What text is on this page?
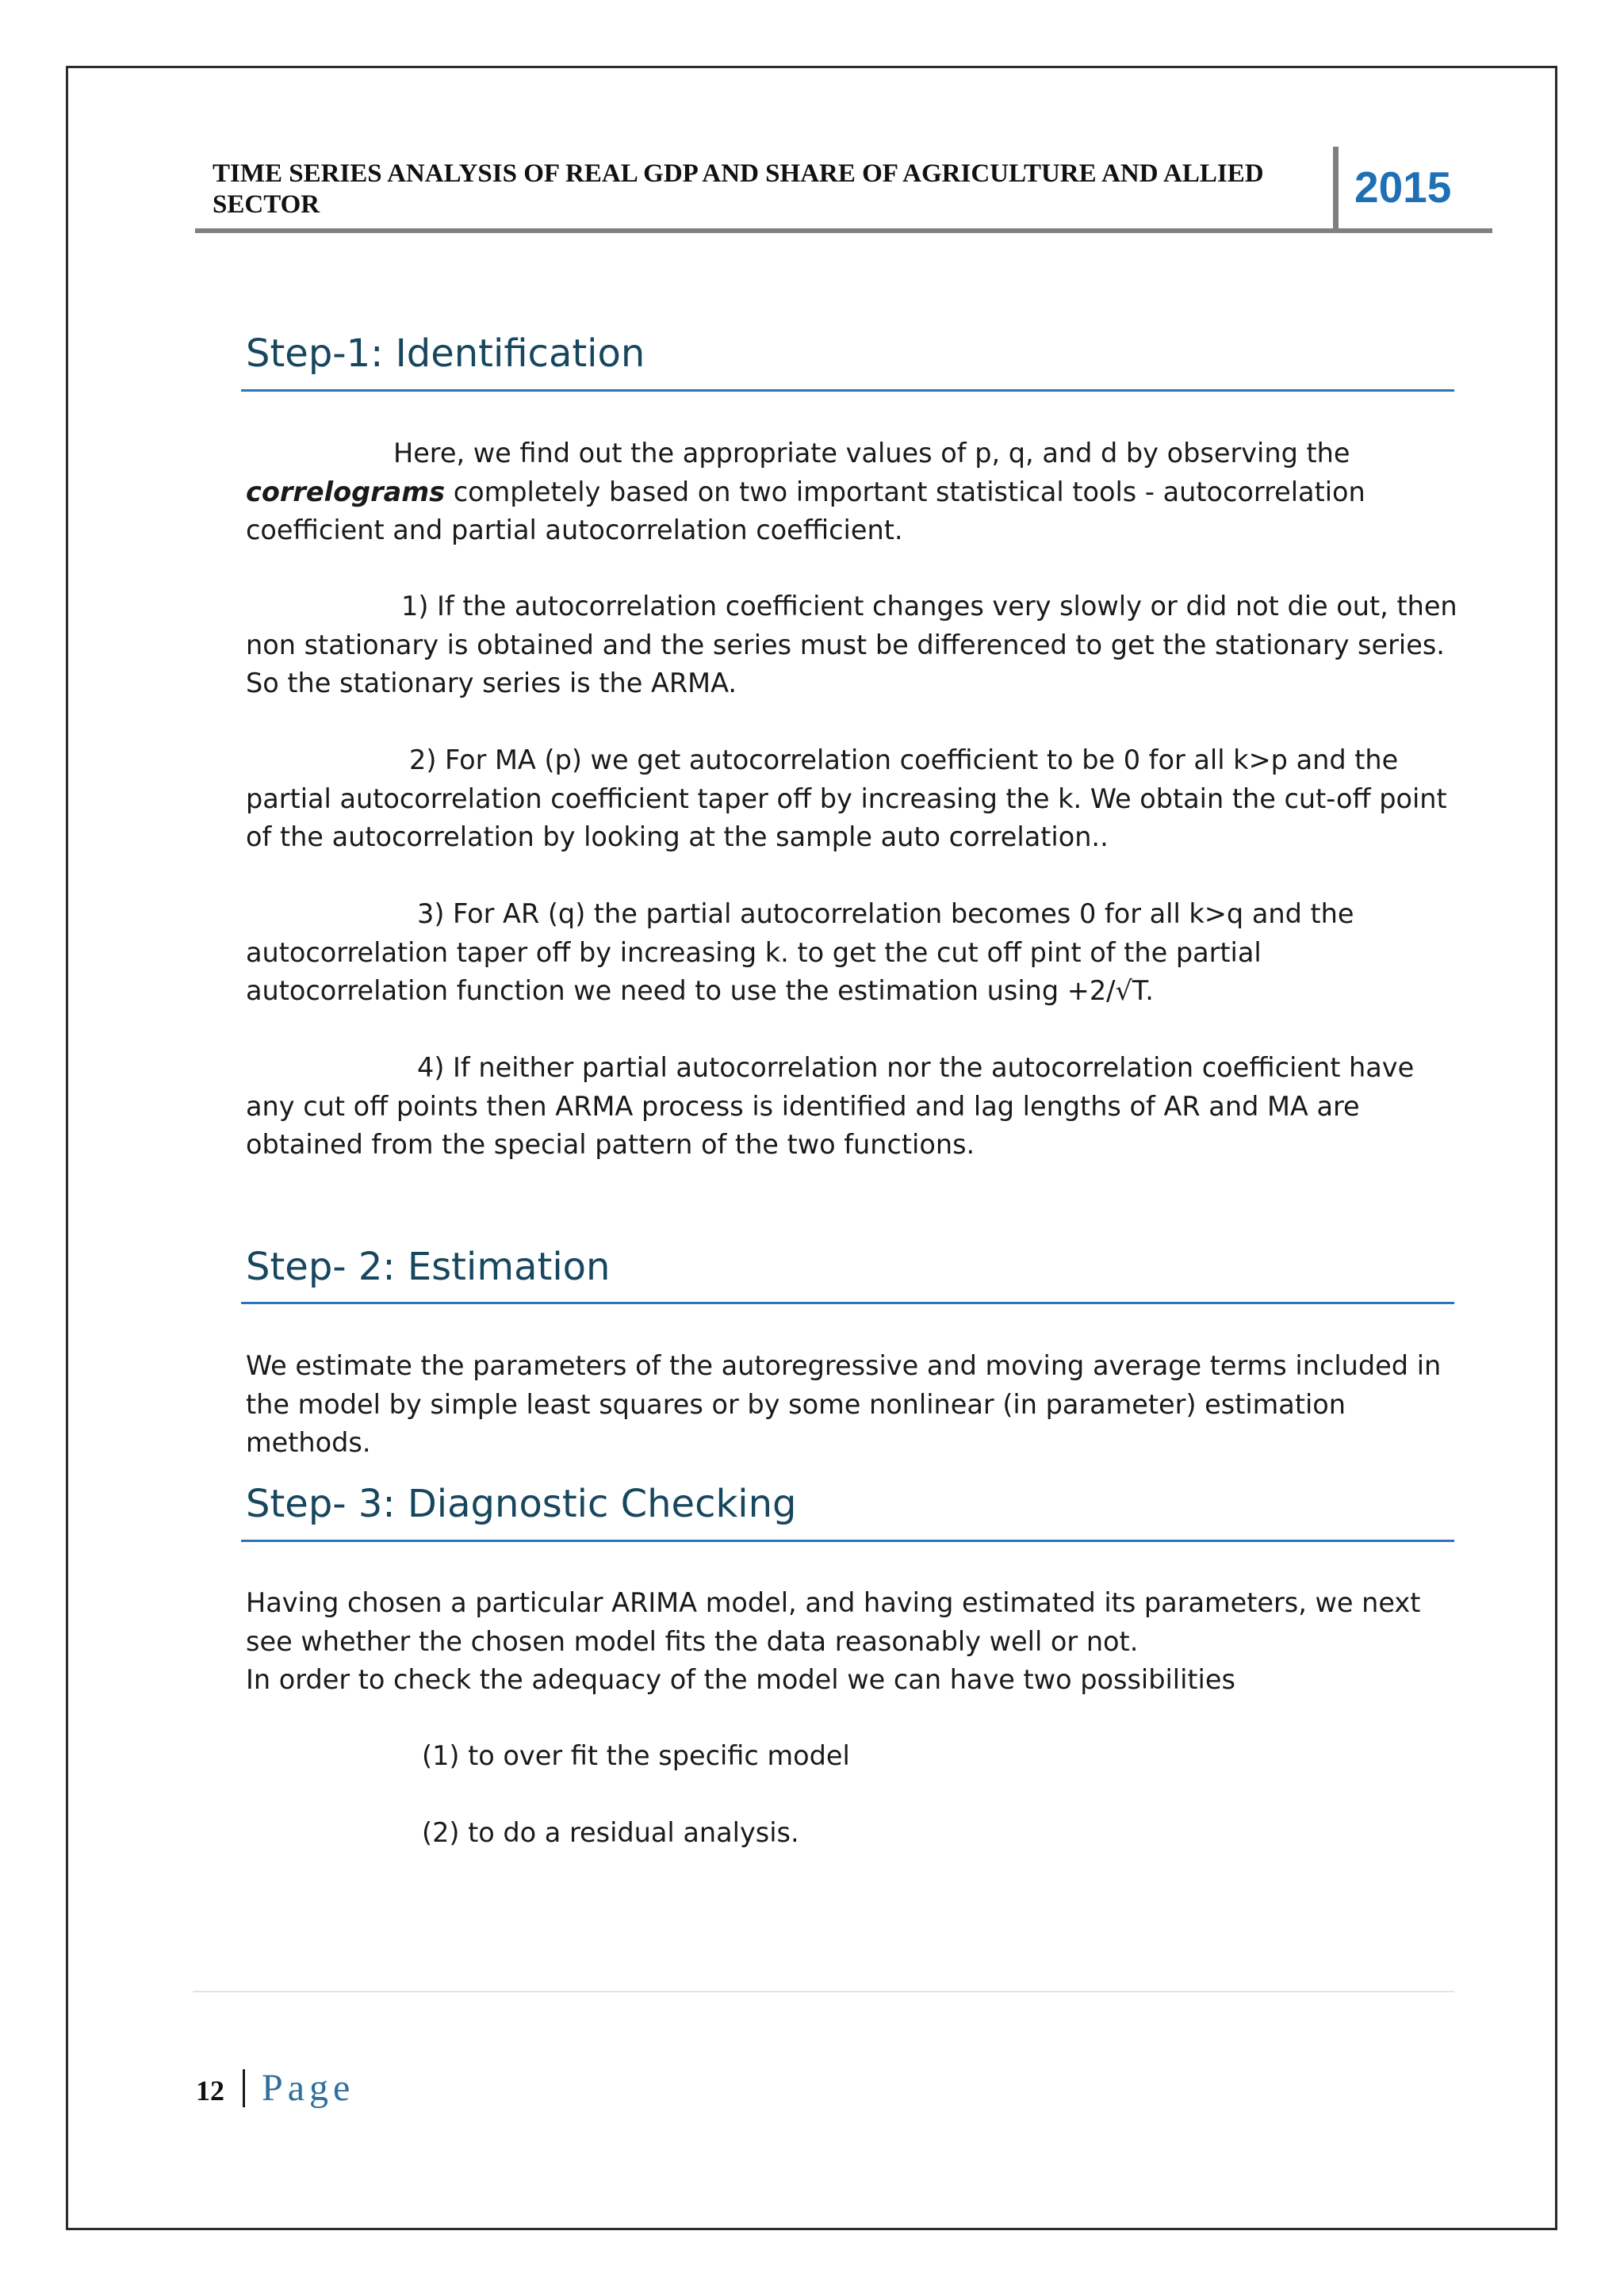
TIME SERIES ANALYSIS OF REAL GDP AND SHARE OF AGRICULTURE AND ALLIED SECTOR	2015
Step-1: Identification

Here, we find out the appropriate values of p, q, and d by observing the correlograms completely based on two important statistical tools - autocorrelation coefficient and partial autocorrelation coefficient.

1) If the autocorrelation coefficient changes very slowly or did not die out, then non stationary is obtained and the series must be differenced to get the stationary series. So the stationary series is the ARMA.

2) For MA (p) we get autocorrelation coefficient to be 0 for all k>p and the partial autocorrelation coefficient taper off by increasing the k. We obtain the cut-off point of the autocorrelation by looking at the sample auto correlation..

3) For AR (q) the partial autocorrelation becomes 0 for all k>q and the autocorrelation taper off by increasing k. to get the cut off pint of the partial autocorrelation function we need to use the estimation using +2/√T.

4) If neither partial autocorrelation nor the autocorrelation coefficient have any cut off points then ARMA process is identified and lag lengths of AR and MA are obtained from the special pattern of the two functions.

Step- 2: Estimation

We estimate the parameters of the autoregressive and moving average terms included in the model by simple least squares or by some nonlinear (in parameter) estimation methods.

Step- 3: Diagnostic Checking

Having chosen a particular ARIMA model, and having estimated its parameters, we next see whether the chosen model fits the data reasonably well or not.

In order to check the adequacy of the model we can have two possibilities

(1) to over fit the specific model

(2) to do a residual analysis.

12 Page
